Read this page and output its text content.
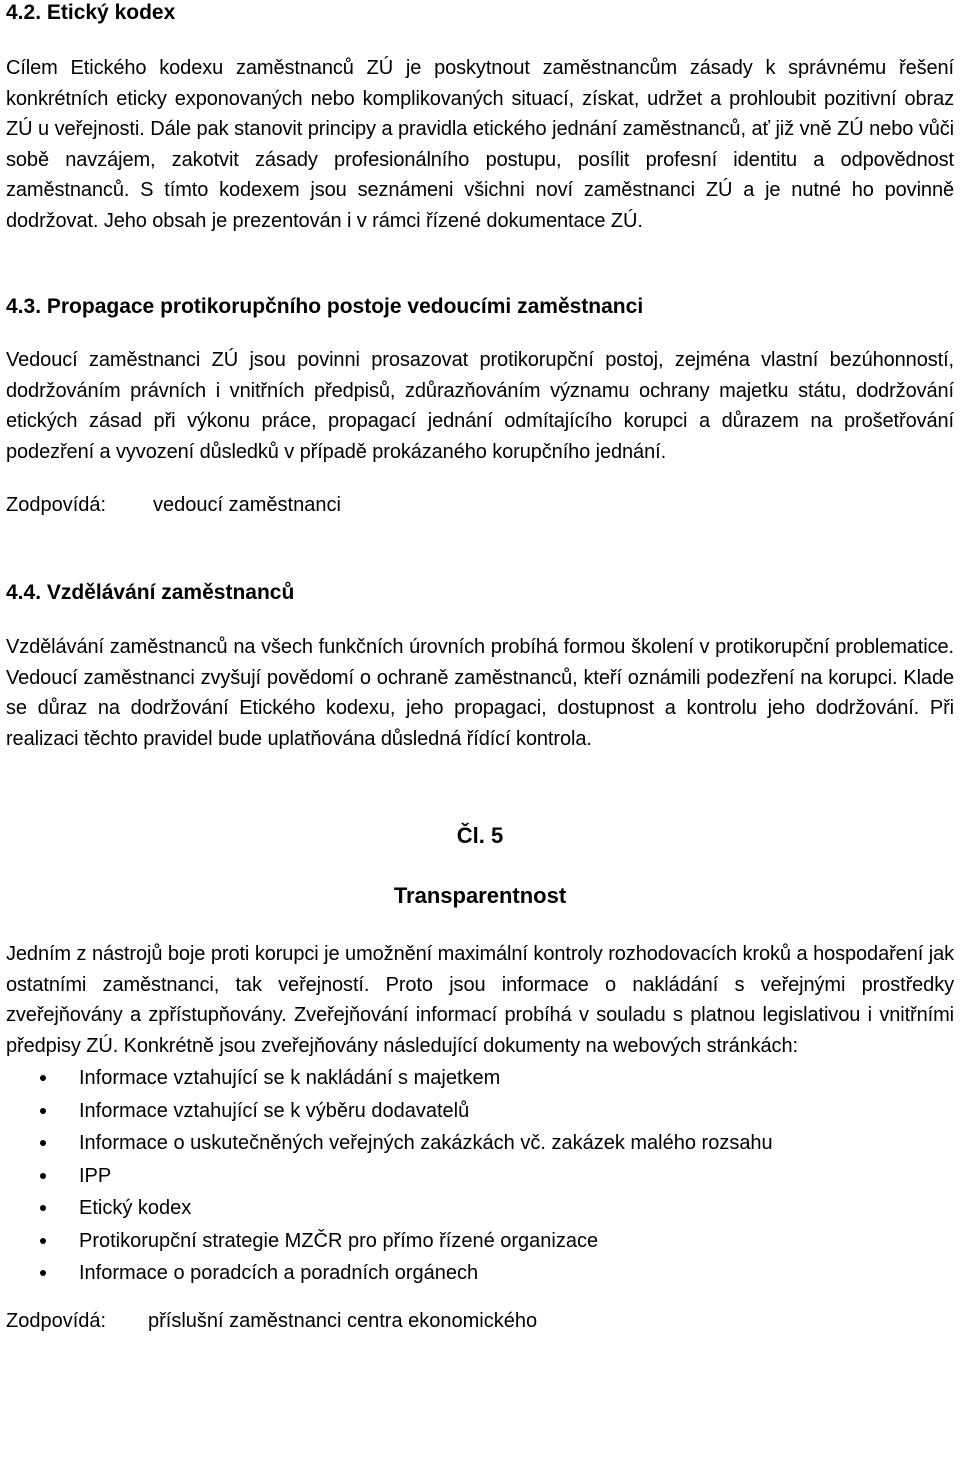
4.2. Etický kodex

Cílem Etického kodexu zaměstnanců ZÚ je poskytnout zaměstnancům zásady k správnému řešení konkrétních eticky exponovaných nebo komplikovaných situací, získat, udržet a prohloubit pozitivní obraz ZÚ u veřejnosti. Dále pak stanovit principy a pravidla etického jednání zaměstnanců, ať již vně ZÚ nebo vůči sobě navzájem, zakotvit zásady profesionálního postupu, posílit profesní identitu a odpovědnost zaměstnanců. S tímto kodexem jsou seznámeni všichni noví zaměstnanci ZÚ a je nutné ho povinně dodržovat. Jeho obsah je prezentován i v rámci řízené dokumentace ZÚ.

4.3. Propagace protikorupčního postoje vedoucími zaměstnanci

Vedoucí zaměstnanci ZÚ jsou povinni prosazovat protikorupční postoj, zejména vlastní bezúhonností, dodržováním právních i vnitřních předpisů, zdůrazňováním významu ochrany majetku státu, dodržování etických zásad při výkonu práce, propagací jednání odmítajícího korupci a důrazem na prošetřování podezření a vyvození důsledků v případě prokázaného korupčního jednání.

Zodpovídá:	vedoucí zaměstnanci
4.4. Vzdělávání zaměstnanců

Vzdělávání zaměstnanců na všech funkčních úrovních probíhá formou školení v protikorupční problematice. Vedoucí zaměstnanci zvyšují povědomí o ochraně zaměstnanců, kteří oznámili podezření na korupci. Klade se důraz na dodržování Etického kodexu, jeho propagaci, dostupnost a kontrolu jeho dodržování. Při realizaci těchto pravidel bude uplatňována důsledná řídící kontrola.

Čl. 5
Transparentnost

Jedním z nástrojů boje proti korupci je umožnění maximální kontroly rozhodovacích kroků a hospodaření jak ostatními zaměstnanci, tak veřejností. Proto jsou informace o nakládání s veřejnými prostředky zveřejňovány a zpřístupňovány. Zveřejňování informací probíhá v souladu s platnou legislativou i vnitřními předpisy ZÚ. Konkrétně jsou zveřejňovány následující dokumenty na webových stránkách:

Informace vztahující se k nakládání s majetkem
Informace vztahující se k výběru dodavatelů
Informace o uskutečněných veřejných zakázkách vč. zakázek malého rozsahu
IPP
Etický kodex
Protikorupční strategie MZČR pro přímo řízené organizace
Informace o poradcích a poradních orgánech
Zodpovídá:	příslušní zaměstnanci centra ekonomického
